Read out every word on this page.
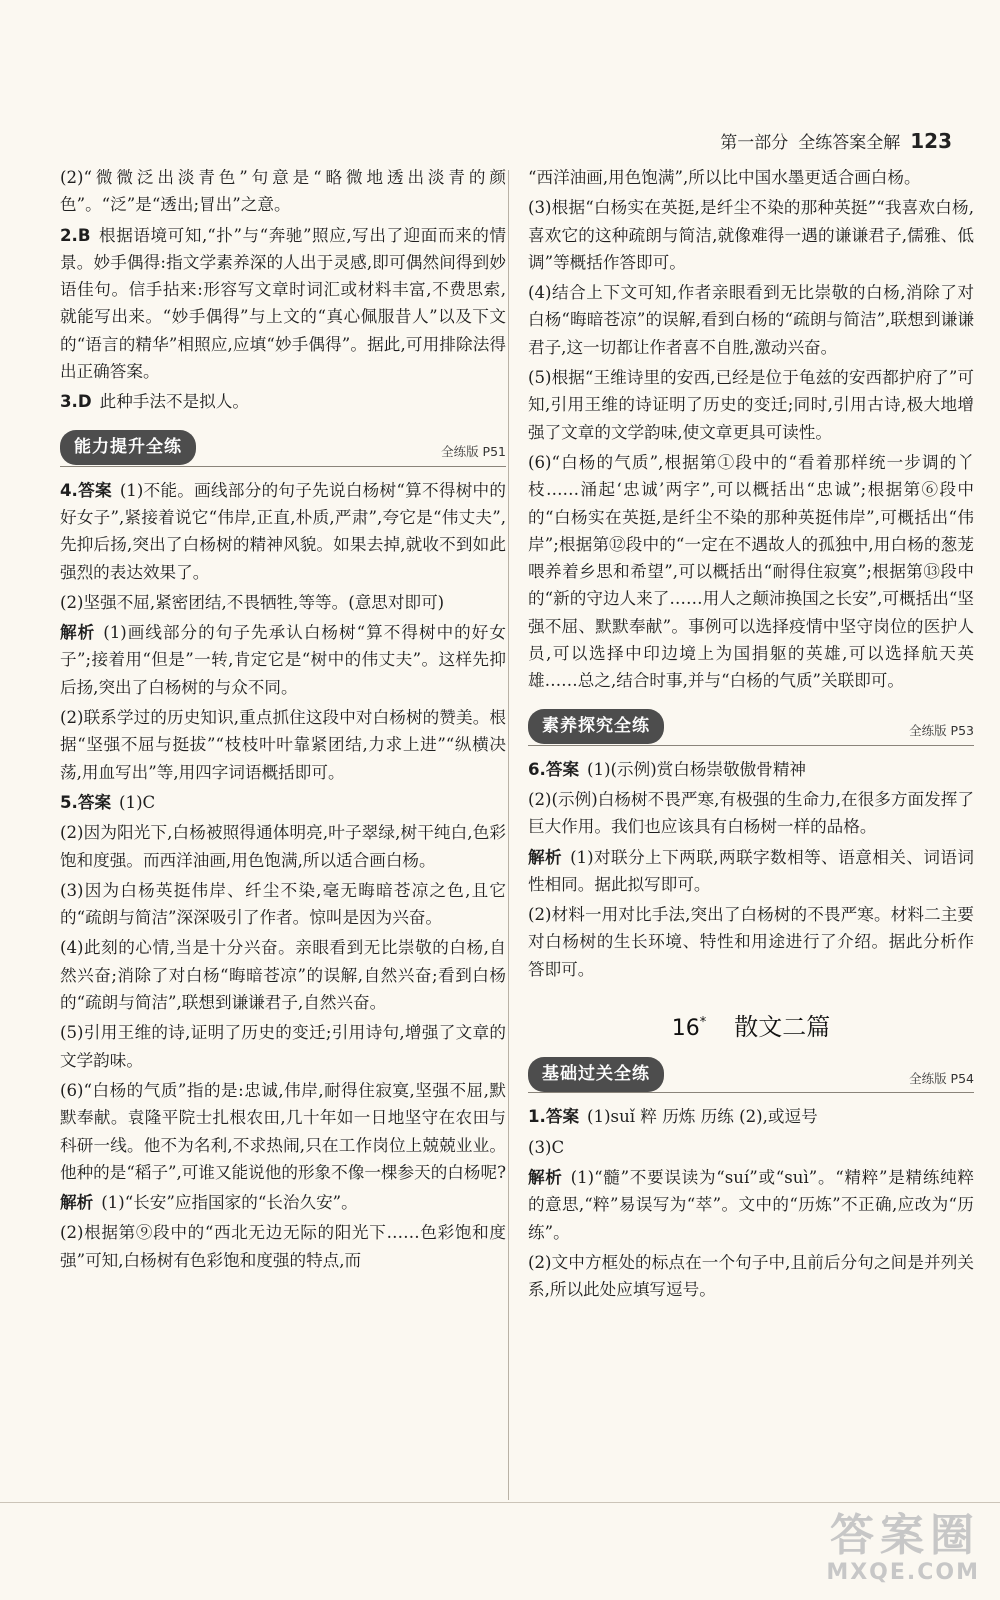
第一部分 全练答案全解 123

(2)“微微泛出淡青色”句意是“略微地透出淡青的颜色”。“泛”是“透出;冒出”之意。

2.B 根据语境可知,“扑”与“奔驰”照应,写出了迎面而来的情景。妙手偶得:指文学素养深的人出于灵感,即可偶然间得到妙语佳句。信手拈来:形容写文章时词汇或材料丰富,不费思索,就能写出来。“妙手偶得”与上文的“真心佩服昔人”以及下文的“语言的精华”相照应,应填“妙手偶得”。据此,可用排除法得出正确答案。

3.D 此种手法不是拟人。

能力提升全练	全练版 P51

4.答案 (1)不能。画线部分的句子先说白杨树“算不得树中的好女子”,紧接着说它“伟岸,正直,朴质,严肃”,夸它是“伟丈夫”,先抑后扬,突出了白杨树的精神风貌。如果去掉,就收不到如此强烈的表达效果了。

(2)坚强不屈,紧密团结,不畏牺牲,等等。(意思对即可)

解析 (1)画线部分的句子先承认白杨树“算不得树中的好女子”;接着用“但是”一转,肯定它是“树中的伟丈夫”。这样先抑后扬,突出了白杨树的与众不同。

(2)联系学过的历史知识,重点抓住这段中对白杨树的赞美。根据“坚强不屈与挺拔”“枝枝叶叶靠紧团结,力求上进”“纵横决荡,用血写出”等,用四字词语概括即可。

5.答案 (1)C

(2)因为阳光下,白杨被照得通体明亮,叶子翠绿,树干纯白,色彩饱和度强。而西洋油画,用色饱满,所以适合画白杨。

(3)因为白杨英挺伟岸、纤尘不染,毫无晦暗苍凉之色,且它的“疏朗与简洁”深深吸引了作者。惊叫是因为兴奋。

(4)此刻的心情,当是十分兴奋。亲眼看到无比崇敬的白杨,自然兴奋;消除了对白杨“晦暗苍凉”的误解,自然兴奋;看到白杨的“疏朗与简洁”,联想到谦谦君子,自然兴奋。

(5)引用王维的诗,证明了历史的变迁;引用诗句,增强了文章的文学韵味。

(6)“白杨的气质”指的是:忠诚,伟岸,耐得住寂寞,坚强不屈,默默奉献。袁隆平院士扎根农田,几十年如一日地坚守在农田与科研一线。他不为名利,不求热闹,只在工作岗位上兢兢业业。他种的是“稻子”,可谁又能说他的形象不像一棵参天的白杨呢?

解析 (1)“长安”应指国家的“长治久安”。

(2)根据第⑨段中的“西北无边无际的阳光下……色彩饱和度强”可知,白杨树有色彩饱和度强的特点,而

“西洋油画,用色饱满”,所以比中国水墨更适合画白杨。

(3)根据“白杨实在英挺,是纤尘不染的那种英挺”“我喜欢白杨,喜欢它的这种疏朗与简洁,就像难得一遇的谦谦君子,儒雅、低调”等概括作答即可。

(4)结合上下文可知,作者亲眼看到无比崇敬的白杨,消除了对白杨“晦暗苍凉”的误解,看到白杨的“疏朗与简洁”,联想到谦谦君子,这一切都让作者喜不自胜,激动兴奋。

(5)根据“王维诗里的安西,已经是位于龟兹的安西都护府了”可知,引用王维的诗证明了历史的变迁;同时,引用古诗,极大地增强了文章的文学韵味,使文章更具可读性。

(6)“白杨的气质”,根据第①段中的“看着那样统一步调的丫枝……涌起‘忠诚’两字”,可以概括出“忠诚”;根据第⑥段中的“白杨实在英挺,是纤尘不染的那种英挺伟岸”,可概括出“伟岸”;根据第⑫段中的“一定在不遇故人的孤独中,用白杨的葱茏喂养着乡思和希望”,可以概括出“耐得住寂寞”;根据第⑬段中的“新的守边人来了……用人之颠沛换国之长安”,可概括出“坚强不屈、默默奉献”。事例可以选择疫情中坚守岗位的医护人员,可以选择中印边境上为国捐躯的英雄,可以选择航天英雄……总之,结合时事,并与“白杨的气质”关联即可。

素养探究全练	全练版 P53

6.答案 (1)(示例)赏白杨崇敬傲骨精神

(2)(示例)白杨树不畏严寒,有极强的生命力,在很多方面发挥了巨大作用。我们也应该具有白杨树一样的品格。

解析 (1)对联分上下两联,两联字数相等、语意相关、词语词性相同。据此拟写即可。

(2)材料一用对比手法,突出了白杨树的不畏严寒。材料二主要对白杨树的生长环境、特性和用途进行了介绍。据此分析作答即可。

16* 散文二篇
基础过关全练	全练版 P54

1.答案 (1)suǐ 粹 历炼 历练 (2),或逗号

(3)C

解析 (1)“髓”不要误读为“suí”或“suì”。“精粹”是精练纯粹的意思,“粹”易误写为“萃”。文中的“历炼”不正确,应改为“历练”。

(2)文中方框处的标点在一个句子中,且前后分句之间是并列关系,所以此处应填写逗号。

答案圈
MXQE.COM
